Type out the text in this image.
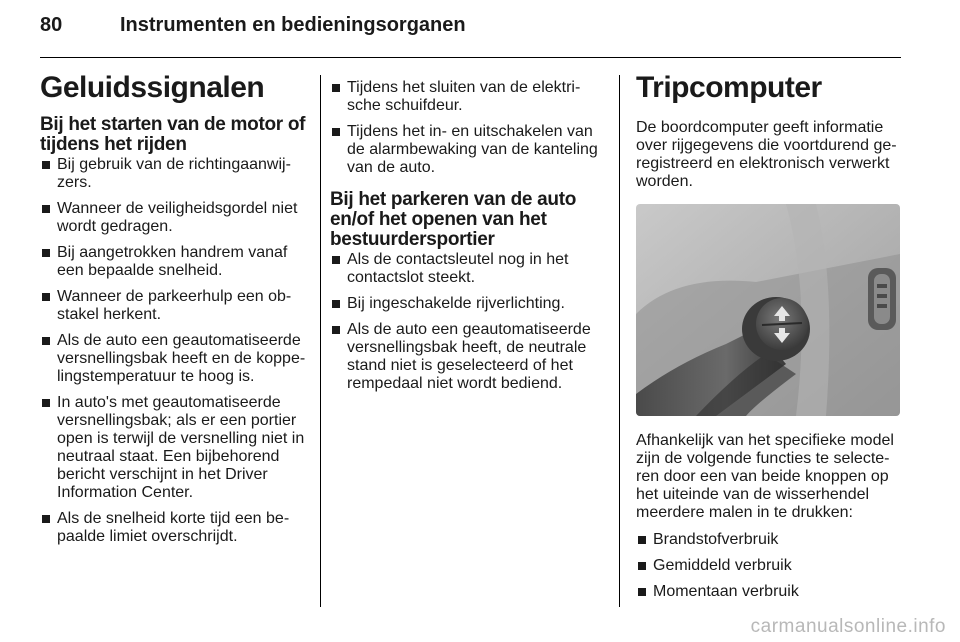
80	Instrumenten en bedieningsorganen
Geluidssignalen
Bij het starten van de motor of tijdens het rijden
Bij gebruik van de richtingaanwijzers.
Wanneer de veiligheidsgordel niet wordt gedragen.
Bij aangetrokken handrem vanaf een bepaalde snelheid.
Wanneer de parkeerhulp een obstakel herkent.
Als de auto een geautomatiseerde versnellingsbak heeft en de koppelingstemperatuur te hoog is.
In auto's met geautomatiseerde versnellingsbak; als er een portier open is terwijl de versnelling niet in neutraal staat. Een bijbehorend bericht verschijnt in het Driver Information Center.
Als de snelheid korte tijd een bepaalde limiet overschrijdt.
Tijdens het sluiten van de elektrische schuifdeur.
Tijdens het in- en uitschakelen van de alarmbewaking van de kanteling van de auto.
Bij het parkeren van de auto en/of het openen van het bestuurdersportier
Als de contactsleutel nog in het contactslot steekt.
Bij ingeschakelde rijverlichting.
Als de auto een geautomatiseerde versnellingsbak heeft, de neutrale stand niet is geselecteerd of het rempedaal niet wordt bediend.
Tripcomputer

De boordcomputer geeft informatie over rijgegevens die voortdurend geregistreerd en elektronisch verwerkt worden.

Afhankelijk van het specifieke model zijn de volgende functies te selecteren door een van beide knoppen op het uiteinde van de wisserhendel meerdere malen in te drukken:

Brandstofverbruik
Gemiddeld verbruik
Momentaan verbruik
carmanualsonline.info
